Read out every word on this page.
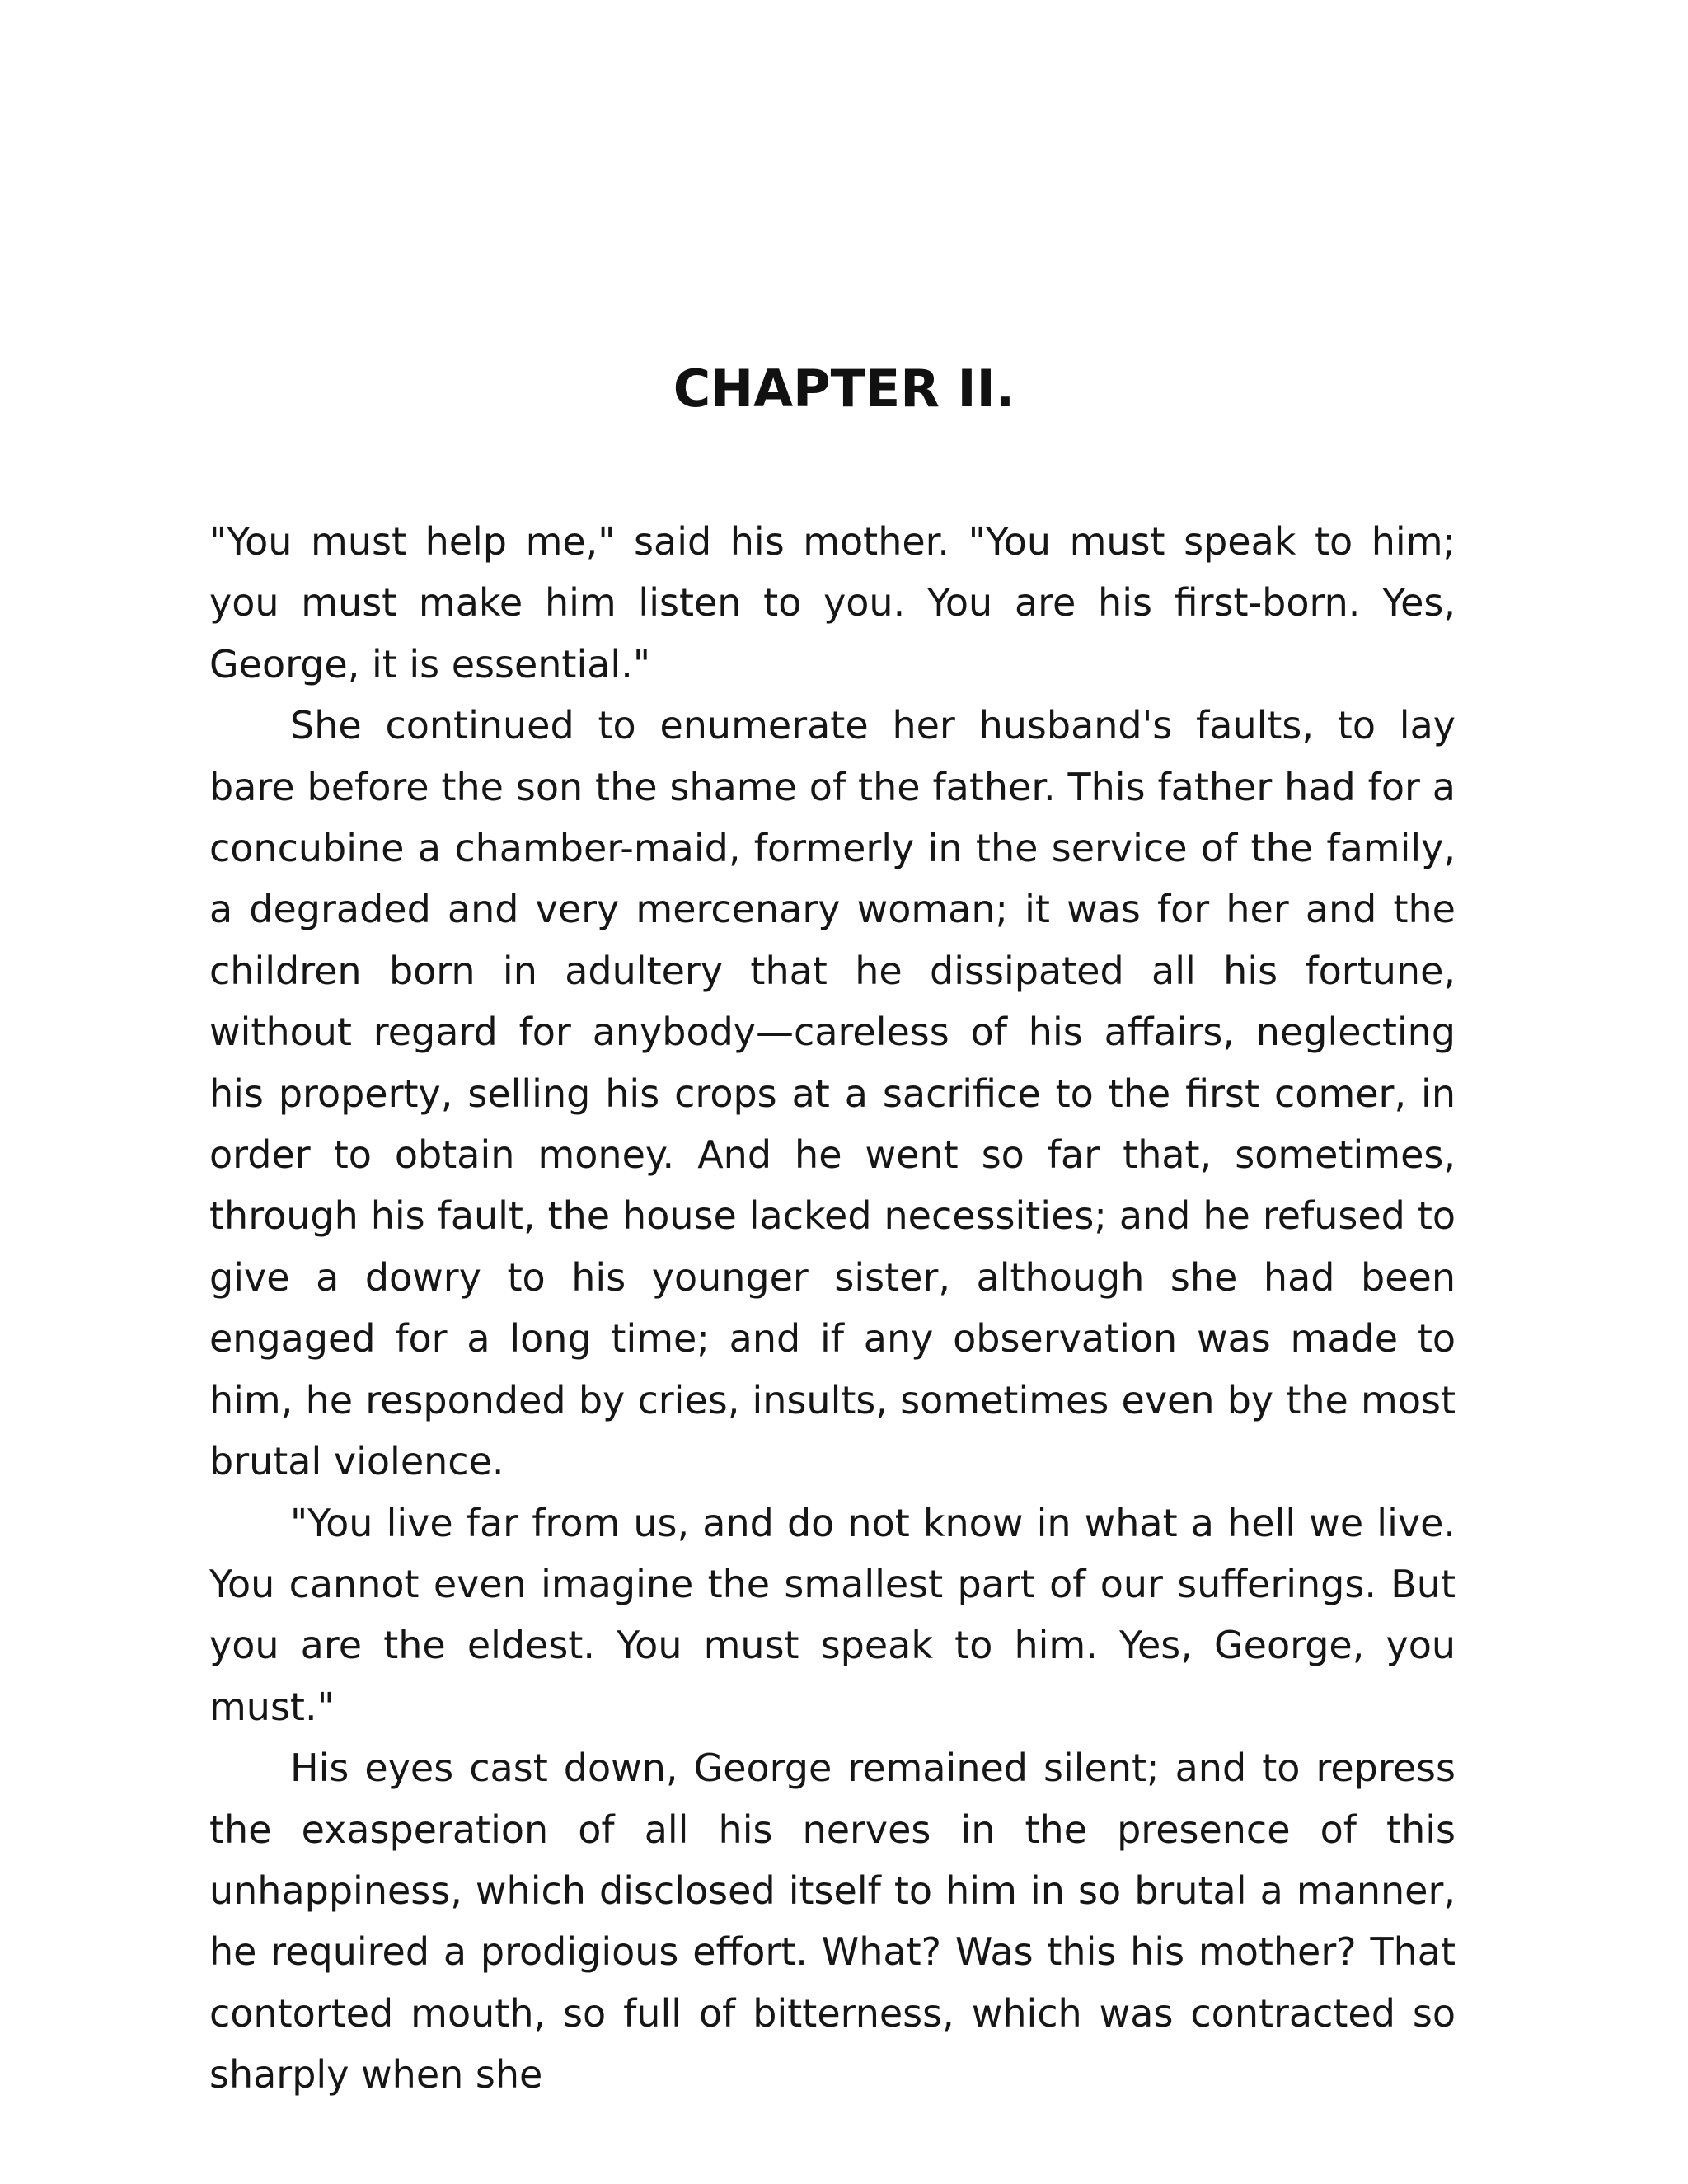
CHAPTER II.

"You must help me," said his mother. "You must speak to him; you must make him listen to you. You are his first-born. Yes, George, it is essential."

She continued to enumerate her husband's faults, to lay bare before the son the shame of the father. This father had for a concubine a chamber-maid, formerly in the service of the family, a degraded and very mercenary woman; it was for her and the children born in adultery that he dissipated all his fortune, without regard for anybody—careless of his affairs, neglecting his property, selling his crops at a sacrifice to the first comer, in order to obtain money. And he went so far that, sometimes, through his fault, the house lacked necessities; and he refused to give a dowry to his younger sister, although she had been engaged for a long time; and if any observation was made to him, he responded by cries, insults, sometimes even by the most brutal violence.

"You live far from us, and do not know in what a hell we live. You cannot even imagine the smallest part of our sufferings. But you are the eldest. You must speak to him. Yes, George, you must."

His eyes cast down, George remained silent; and to repress the exasperation of all his nerves in the presence of this unhappiness, which disclosed itself to him in so brutal a manner, he required a prodigious effort. What? Was this his mother? That contorted mouth, so full of bitterness, which was contracted so sharply when she
